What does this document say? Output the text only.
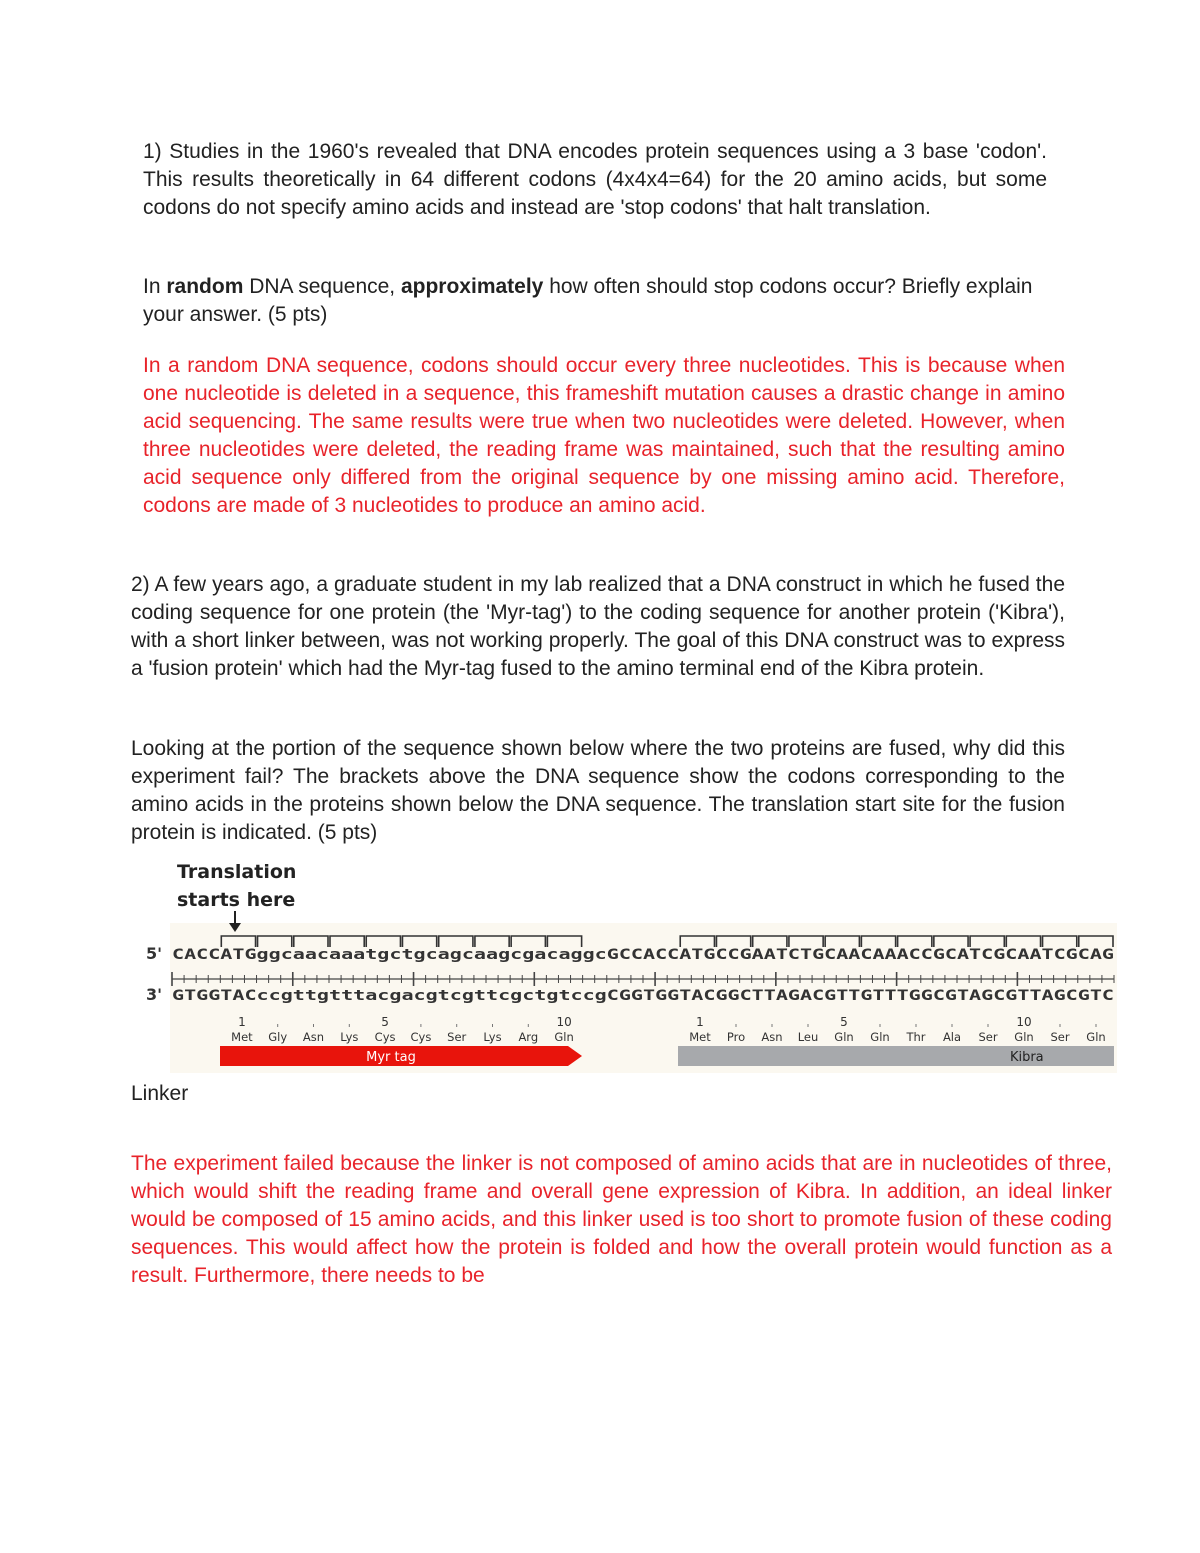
1) Studies in the 1960's revealed that DNA encodes protein sequences using a 3 base 'codon'. This results theoretically in 64 different codons (4x4x4=64) for the 20 amino acids, but some codons do not specify amino acids and instead are 'stop codons' that halt translation.

In random DNA sequence, approximately how often should stop codons occur? Briefly explain your answer. (5 pts)

In a random DNA sequence, codons should occur every three nucleotides. This is because when one nucleotide is deleted in a sequence, this frameshift mutation causes a drastic change in amino acid sequencing. The same results were true when two nucleotides were deleted. However, when three nucleotides were deleted, the reading frame was maintained, such that the resulting amino acid sequence only differed from the original sequence by one missing amino acid. Therefore, codons are made of 3 nucleotides to produce an amino acid.

2) A few years ago, a graduate student in my lab realized that a DNA construct in which he fused the coding sequence for one protein (the 'Myr-tag') to the coding sequence for another protein ('Kibra'), with a short linker between, was not working properly. The goal of this DNA construct was to express a 'fusion protein' which had the Myr-tag fused to the amino terminal end of the Kibra protein.

Looking at the portion of the sequence shown below where the two proteins are fused, why did this experiment fail? The brackets above the DNA sequence show the codons corresponding to the amino acids in the proteins shown below the DNA sequence. The translation start site for the fusion protein is indicated. (5 pts)

Translation
starts here
5' CACCATGggcaacaaatgctgcagcaagcgacaggcGCCACCATGCCGAATCTGCAACAAACCGCATCGCAATCGCAG
3' GTGGTACccgttgtttacgacgtcgttcgctgtccgCGGTGGTACGGCTTAGACGTTGTTTGGCGTAGCGTTAGCGTC
1	5	10
Met Gly Asn Lys Cys Cys Ser Lys Arg Gln
Myr tag
1	5	10
Met Pro Asn Leu Gln Gln Thr Ala Ser Gln Ser Gln
Kibra

Linker

The experiment failed because the linker is not composed of amino acids that are in nucleotides of three, which would shift the reading frame and overall gene expression of Kibra. In addition, an ideal linker would be composed of 15 amino acids, and this linker used is too short to promote fusion of these coding sequences. This would affect how the protein is folded and how the overall protein would function as a result. Furthermore, there needs to be
